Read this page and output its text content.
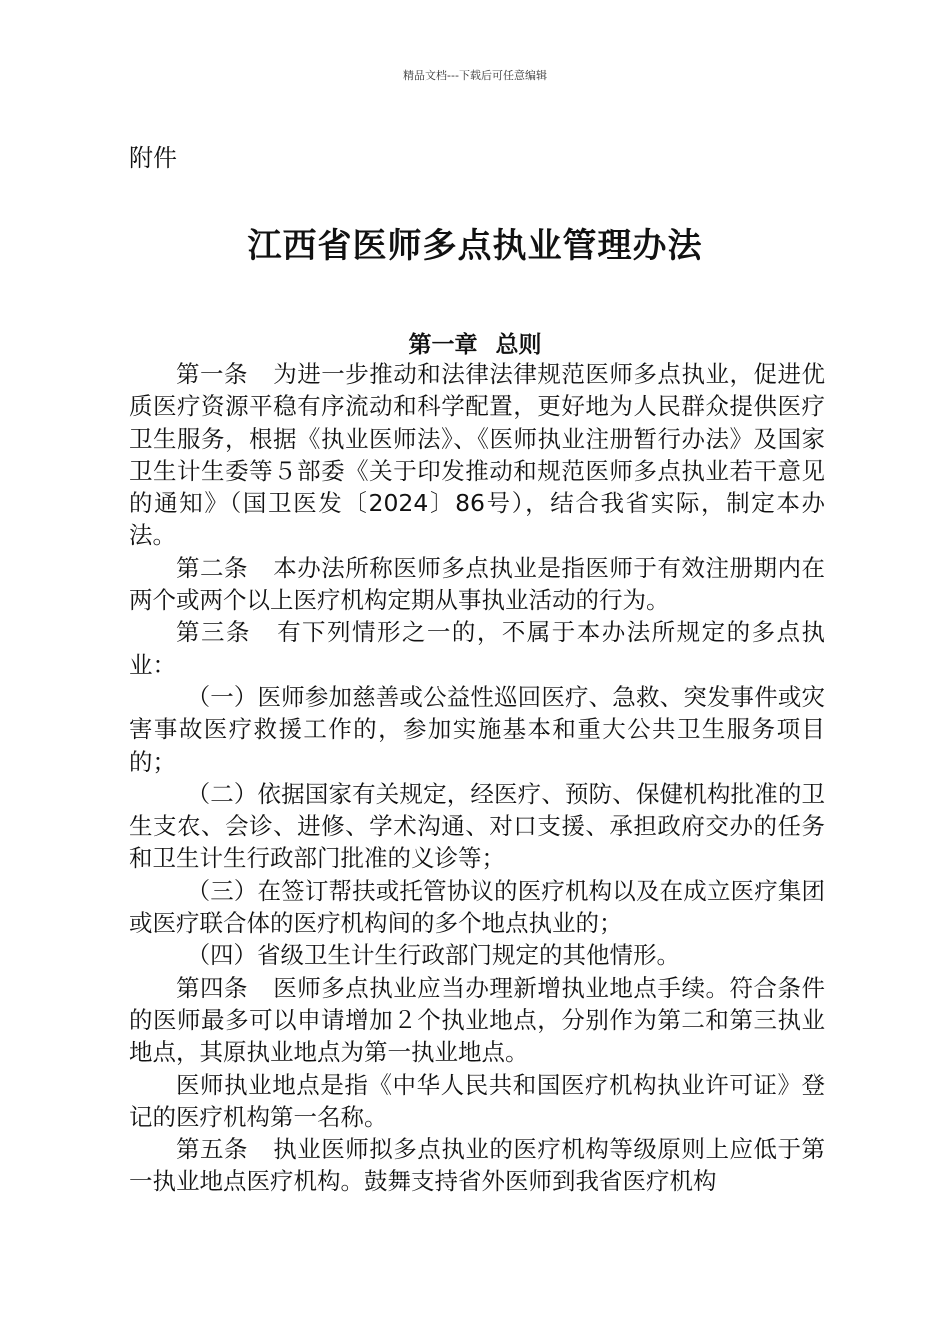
精品文档---下载后可任意编辑
附件
江西省医师多点执业管理办法
第一章 总则

第一条 为进一步推动和法律法律规范医师多点执业，促进优质医疗资源平稳有序流动和科学配置，更好地为人民群众提供医疗卫生服务，根据《执业医师法》、《医师执业注册暂行办法》及国家卫生计生委等５部委《关于印发推动和规范医师多点执业若干意见的通知》（国卫医发〔2024〕86号），结合我省实际，制定本办法。

第二条 本办法所称医师多点执业是指医师于有效注册期内在两个或两个以上医疗机构定期从事执业活动的行为。

第三条 有下列情形之一的，不属于本办法所规定的多点执业：

（一）医师参加慈善或公益性巡回医疗、急救、突发事件或灾害事故医疗救援工作的，参加实施基本和重大公共卫生服务项目的；

（二）依据国家有关规定，经医疗、预防、保健机构批准的卫生支农、会诊、进修、学术沟通、对口支援、承担政府交办的任务和卫生计生行政部门批准的义诊等；

（三）在签订帮扶或托管协议的医疗机构以及在成立医疗集团或医疗联合体的医疗机构间的多个地点执业的；

（四）省级卫生计生行政部门规定的其他情形。

第四条 医师多点执业应当办理新增执业地点手续。符合条件的医师最多可以申请增加２个执业地点，分别作为第二和第三执业地点，其原执业地点为第一执业地点。

医师执业地点是指《中华人民共和国医疗机构执业许可证》登记的医疗机构第一名称。

第五条 执业医师拟多点执业的医疗机构等级原则上应低于第一执业地点医疗机构。鼓舞支持省外医师到我省医疗机构
